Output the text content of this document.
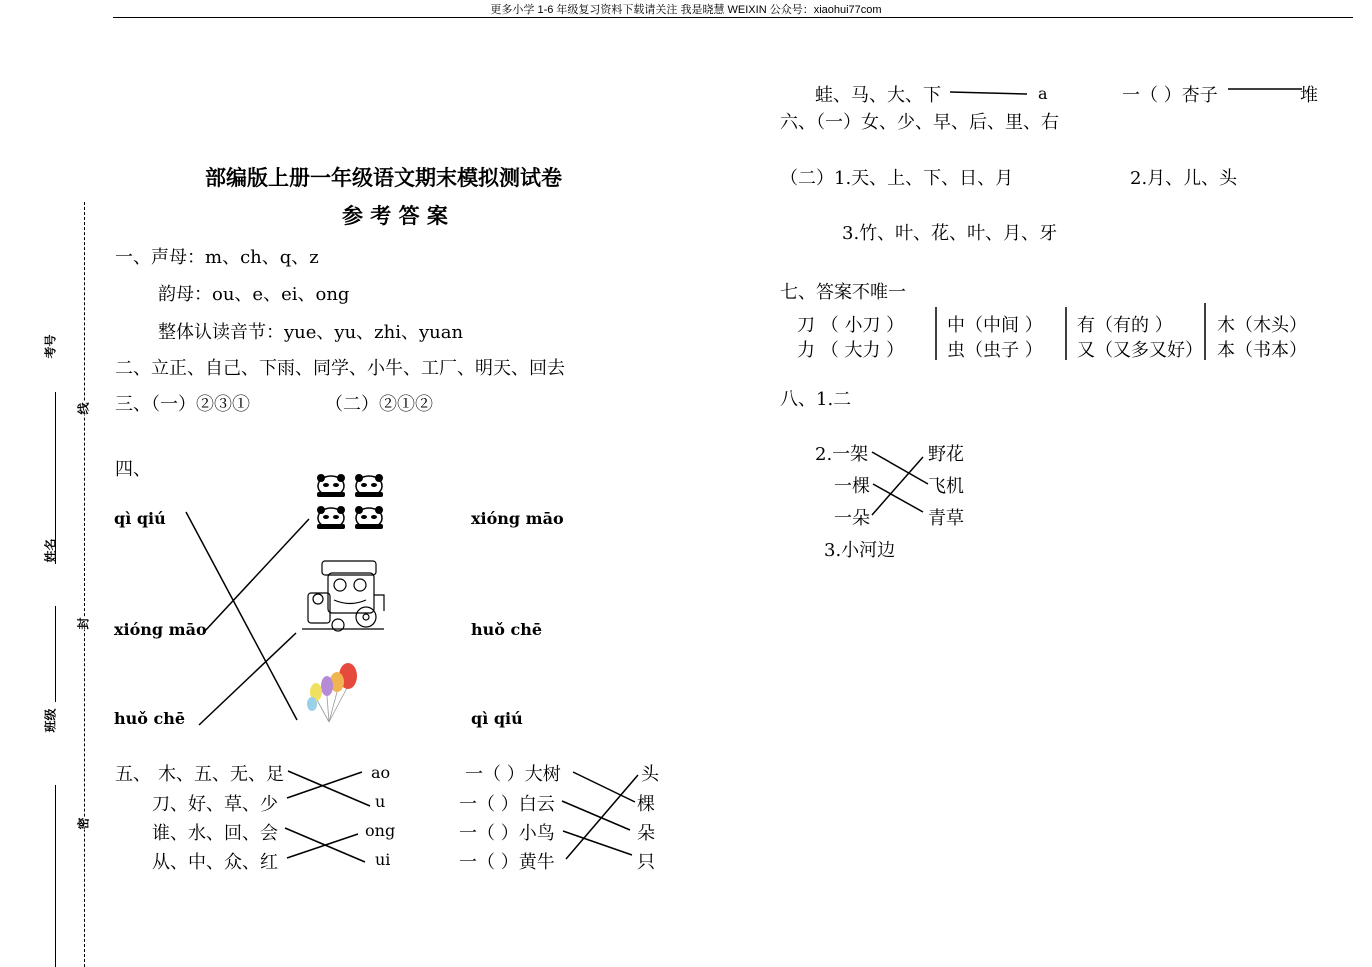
更多小学 1-6 年级复习资料下载请关注 我是晓慧 WEIXIN 公众号：xiaohui77com
考号
线
姓名
封
班级
密
部编版上册一年级语文期末模拟测试卷
参 考 答 案
一、声母：m、ch、q、z
韵母：ou、e、ei、ong
整体认读音节：yue、yu、zhi、yuan
二、立正、自己、下雨、同学、小牛、工厂、明天、回去
三、（一）②③①	（二）②①②
四、
qì qiú
xióng māo
huǒ chē
xióng māo
huǒ chē
qì qiú
五、 木、五、无、足
刀、好、草、少
谁、水、回、会
从、中、众、红
ao
u
ong
ui
一（ ）大树
一（ ）白云
一（ ）小鸟
一（ ）黄牛
头
棵
朵
只
蛙、马、大、下	a	一（ ）杏子	堆
六、（一）女、少、早、后、里、右
（二）1.天、上、下、日、月	2.月、儿、头
3.竹、叶、花、叶、月、牙
七、答案不唯一
刀 （ 小刀 ） 中（中间 ） 有（有的 ） 木（木头）
力 （ 大力 ） 虫（虫子 ） 又（又多又好） 本（书本）
八、1.二
2.一架
一棵
一朵
野花
飞机
青草
3.小河边
